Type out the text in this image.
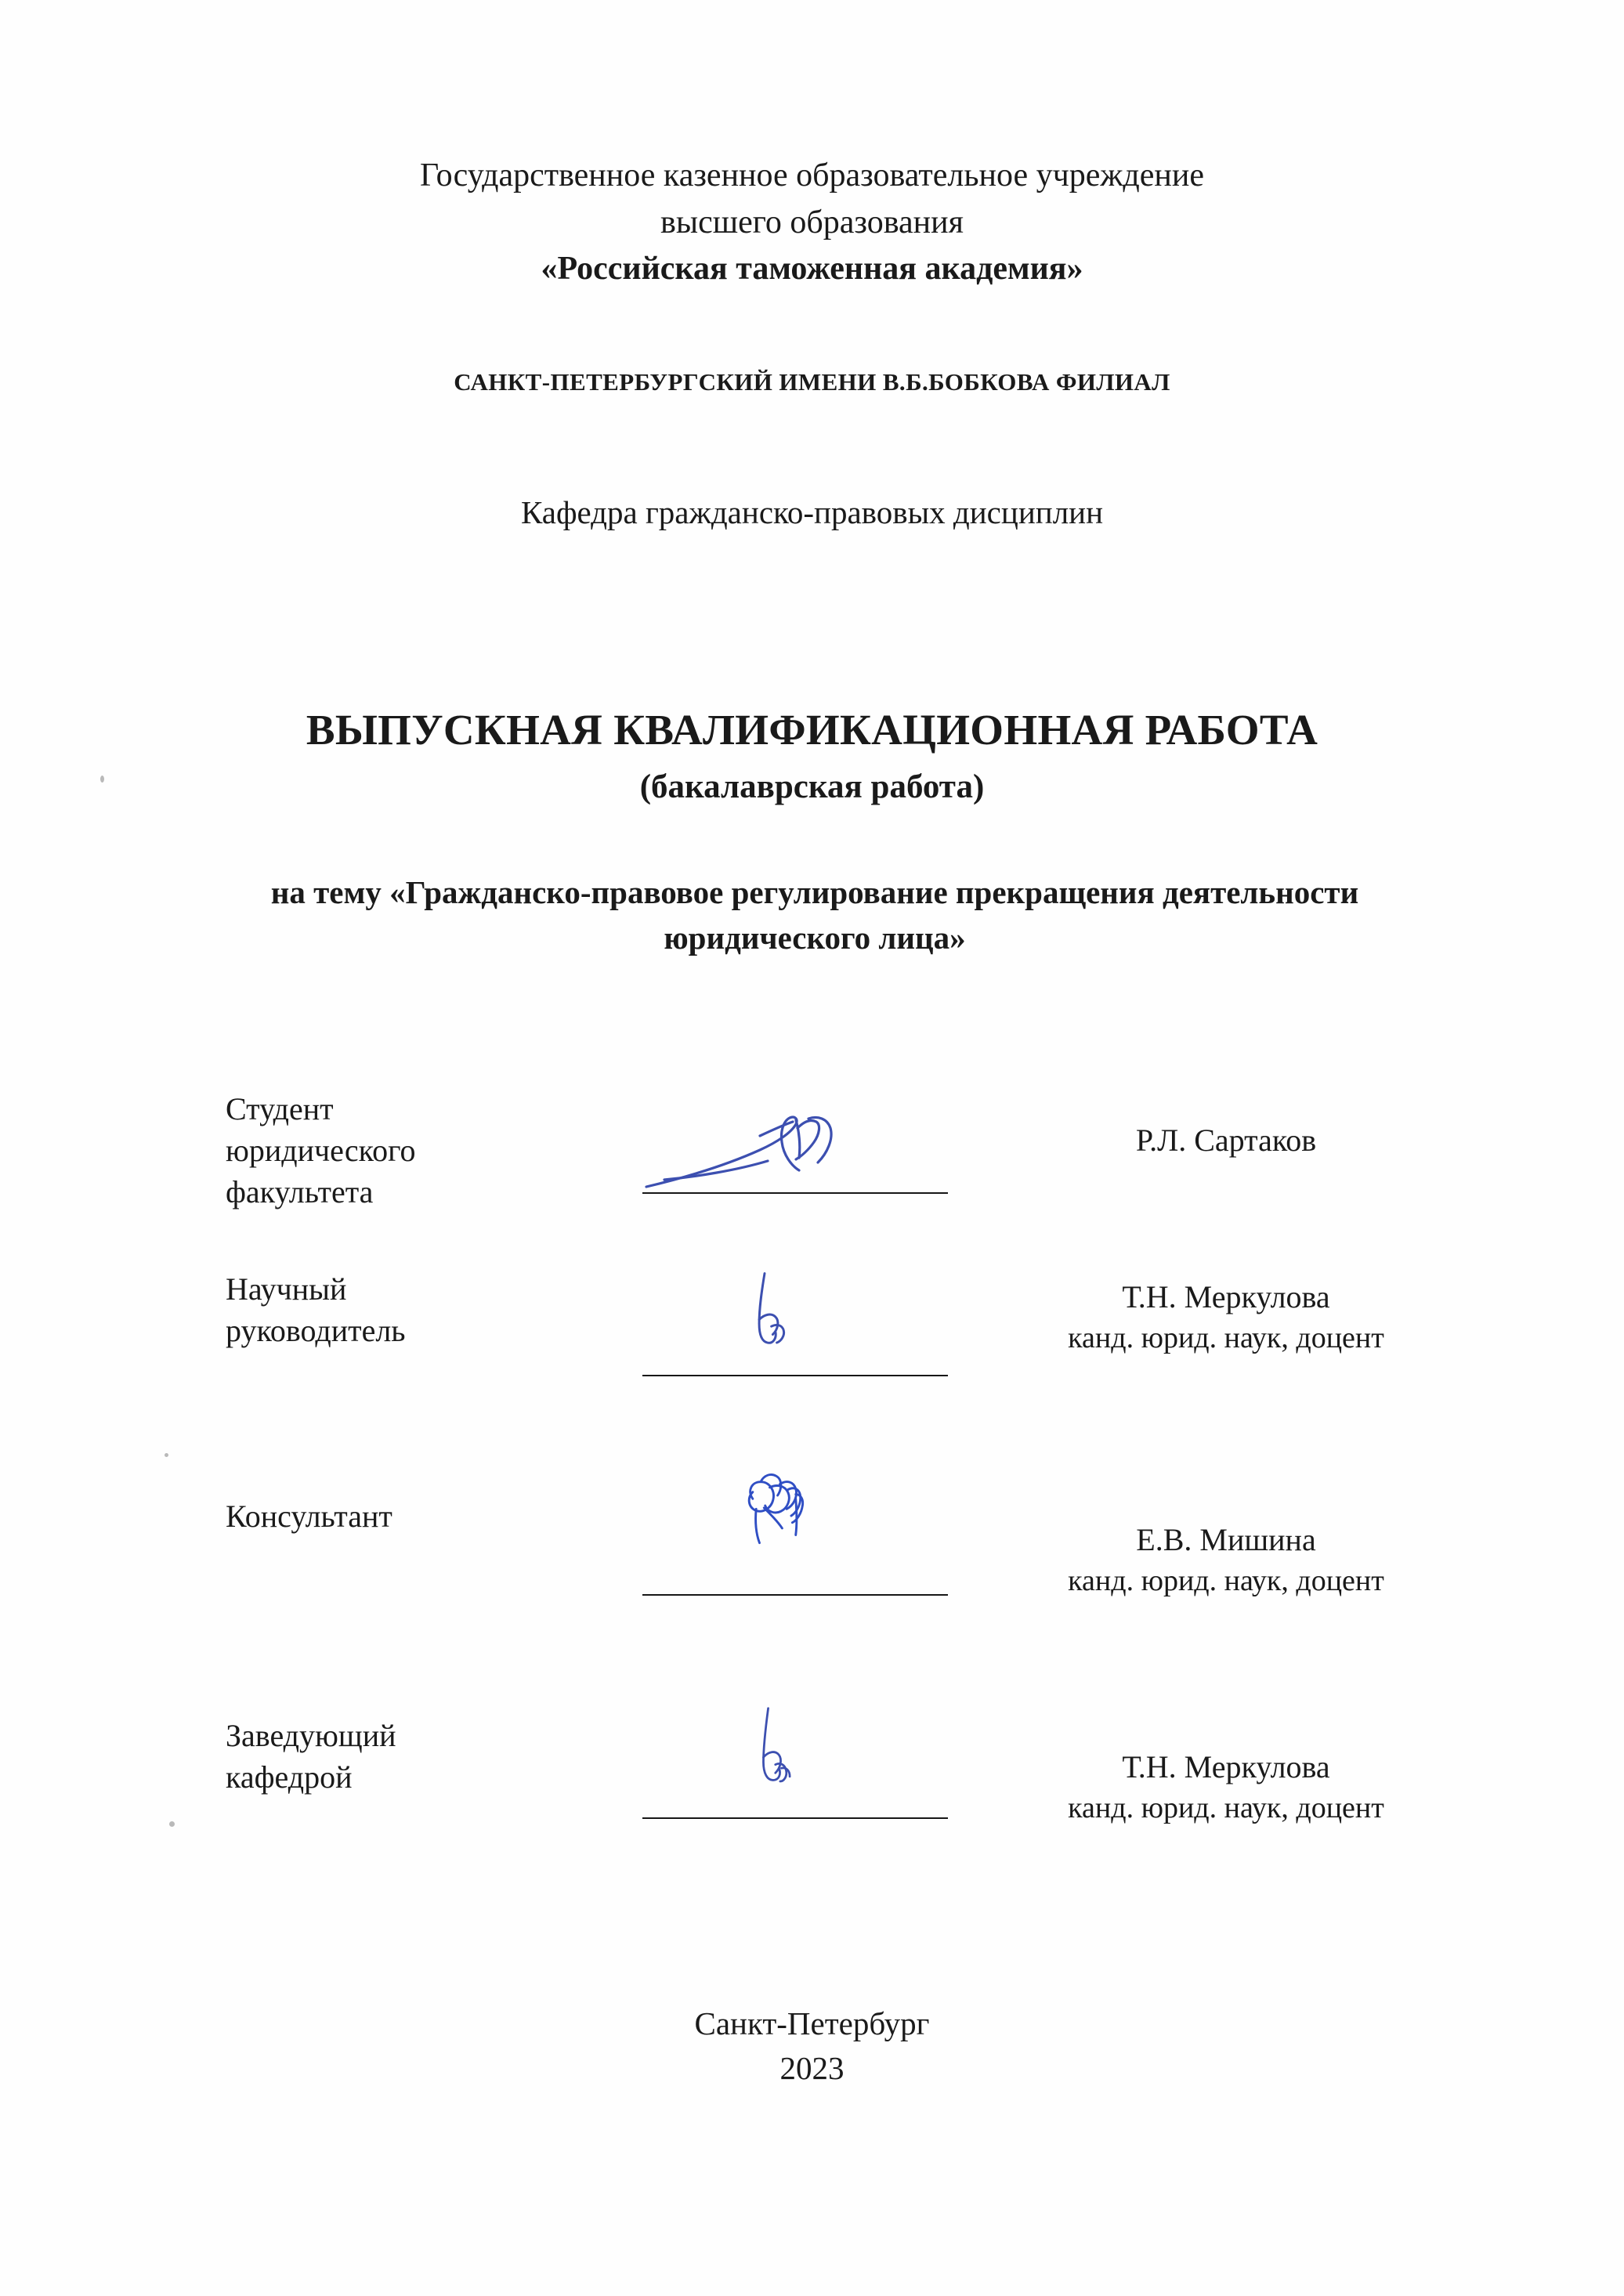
Государственное казенное образовательное учреждение
высшего образования
«Российская таможенная академия»
САНКТ-ПЕТЕРБУРГСКИЙ ИМЕНИ В.Б.БОБКОВА ФИЛИАЛ
Кафедра гражданско-правовых дисциплин
ВЫПУСКНАЯ КВАЛИФИКАЦИОННАЯ РАБОТА
(бакалаврская работа)
на тему «Гражданско-правовое регулирование прекращения деятельности юридического лица»
Студент
юридического
факультета
Р.Л. Сартаков
Научный
руководитель
Т.Н. Меркулова
канд. юрид. наук, доцент
Консультант
Е.В. Мишина
канд. юрид. наук, доцент
Заведующий
кафедрой	Т.Н. Меркулова
канд. юрид. наук, доцент
Санкт-Петербург
2023
